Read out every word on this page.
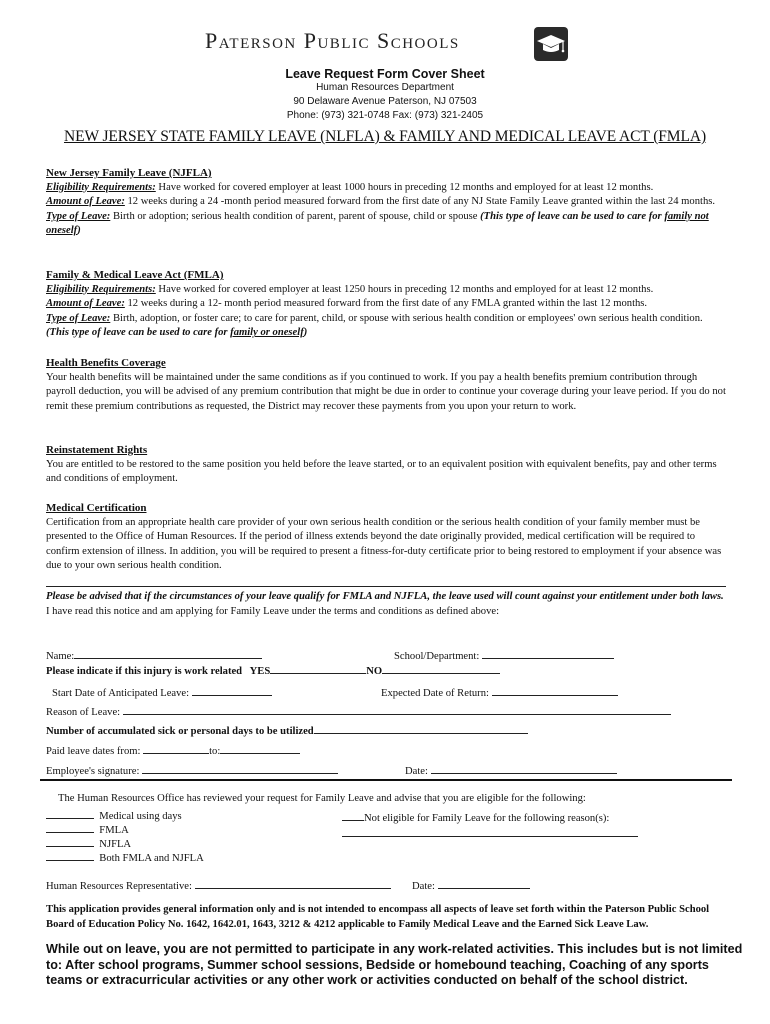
Paterson Public Schools
Leave Request Form Cover Sheet
Human Resources Department
90 Delaware Avenue Paterson, NJ 07503
Phone: (973) 321-0748 Fax: (973) 321-2405
NEW JERSEY STATE FAMILY LEAVE (NLFLA) & FAMILY AND MEDICAL LEAVE ACT (FMLA)
New Jersey Family Leave (NJFLA)
Eligibility Requirements: Have worked for covered employer at least 1000 hours in preceding 12 months and employed for at least 12 months.
Amount of Leave: 12 weeks during a 24 -month period measured forward from the first date of any NJ State Family Leave granted within the last 24 months.
Type of Leave: Birth or adoption; serious health condition of parent, parent of spouse, child or spouse (This type of leave can be used to care for family not oneself)
Family & Medical Leave Act (FMLA)
Eligibility Requirements: Have worked for covered employer at least 1250 hours in preceding 12 months and employed for at least 12 months.
Amount of Leave: 12 weeks during a 12- month period measured forward from the first date of any FMLA granted within the last 12 months.
Type of Leave: Birth, adoption, or foster care; to care for parent, child, or spouse with serious health condition or employees' own serious health condition. (This type of leave can be used to care for family or oneself)
Health Benefits Coverage
Your health benefits will be maintained under the same conditions as if you continued to work. If you pay a health benefits premium contribution through payroll deduction, you will be advised of any premium contribution that might be due in order to continue your coverage during your leave period. If you do not remit these premium contributions as requested, the District may recover these payments from you upon your return to work.
Reinstatement Rights
You are entitled to be restored to the same position you held before the leave started, or to an equivalent position with equivalent benefits, pay and other terms and conditions of employment.
Medical Certification
Certification from an appropriate health care provider of your own serious health condition or the serious health condition of your family member must be presented to the Office of Human Resources. If the period of illness extends beyond the date originally provided, medical certification will be required to confirm extension of illness. In addition, you will be required to present a fitness-for-duty certificate prior to being restored to employment if your absence was due to your own serious health condition.
Please be advised that if the circumstances of your leave qualify for FMLA and NJFLA, the leave used will count against your entitlement under both laws.
I have read this notice and am applying for Family Leave under the terms and conditions as defined above:
Name:	School/Department:
Please indicate if this injury is work related YES	NO
Start Date of Anticipated Leave:	Expected Date of Return:
Reason of Leave:
Number of accumulated sick or personal days to be utilized
Paid leave dates from:	to:
Employee's signature:	Date:
The Human Resources Office has reviewed your request for Family Leave and advise that you are eligible for the following:
Medical using days
FMLA
NJFLA
Both FMLA and NJFLA
Not eligible for Family Leave for the following reason(s):
Human Resources Representative:	Date:
This application provides general information only and is not intended to encompass all aspects of leave set forth within the Paterson Public School Board of Education Policy No. 1642, 1642.01, 1643, 3212 & 4212 applicable to Family Medical Leave and the Earned Sick Leave Law.
While out on leave, you are not permitted to participate in any work-related activities. This includes but is not limited to: After school programs, Summer school sessions, Bedside or homebound teaching, Coaching of any sports teams or extracurricular activities or any other work or activities conducted on behalf of the school district.
